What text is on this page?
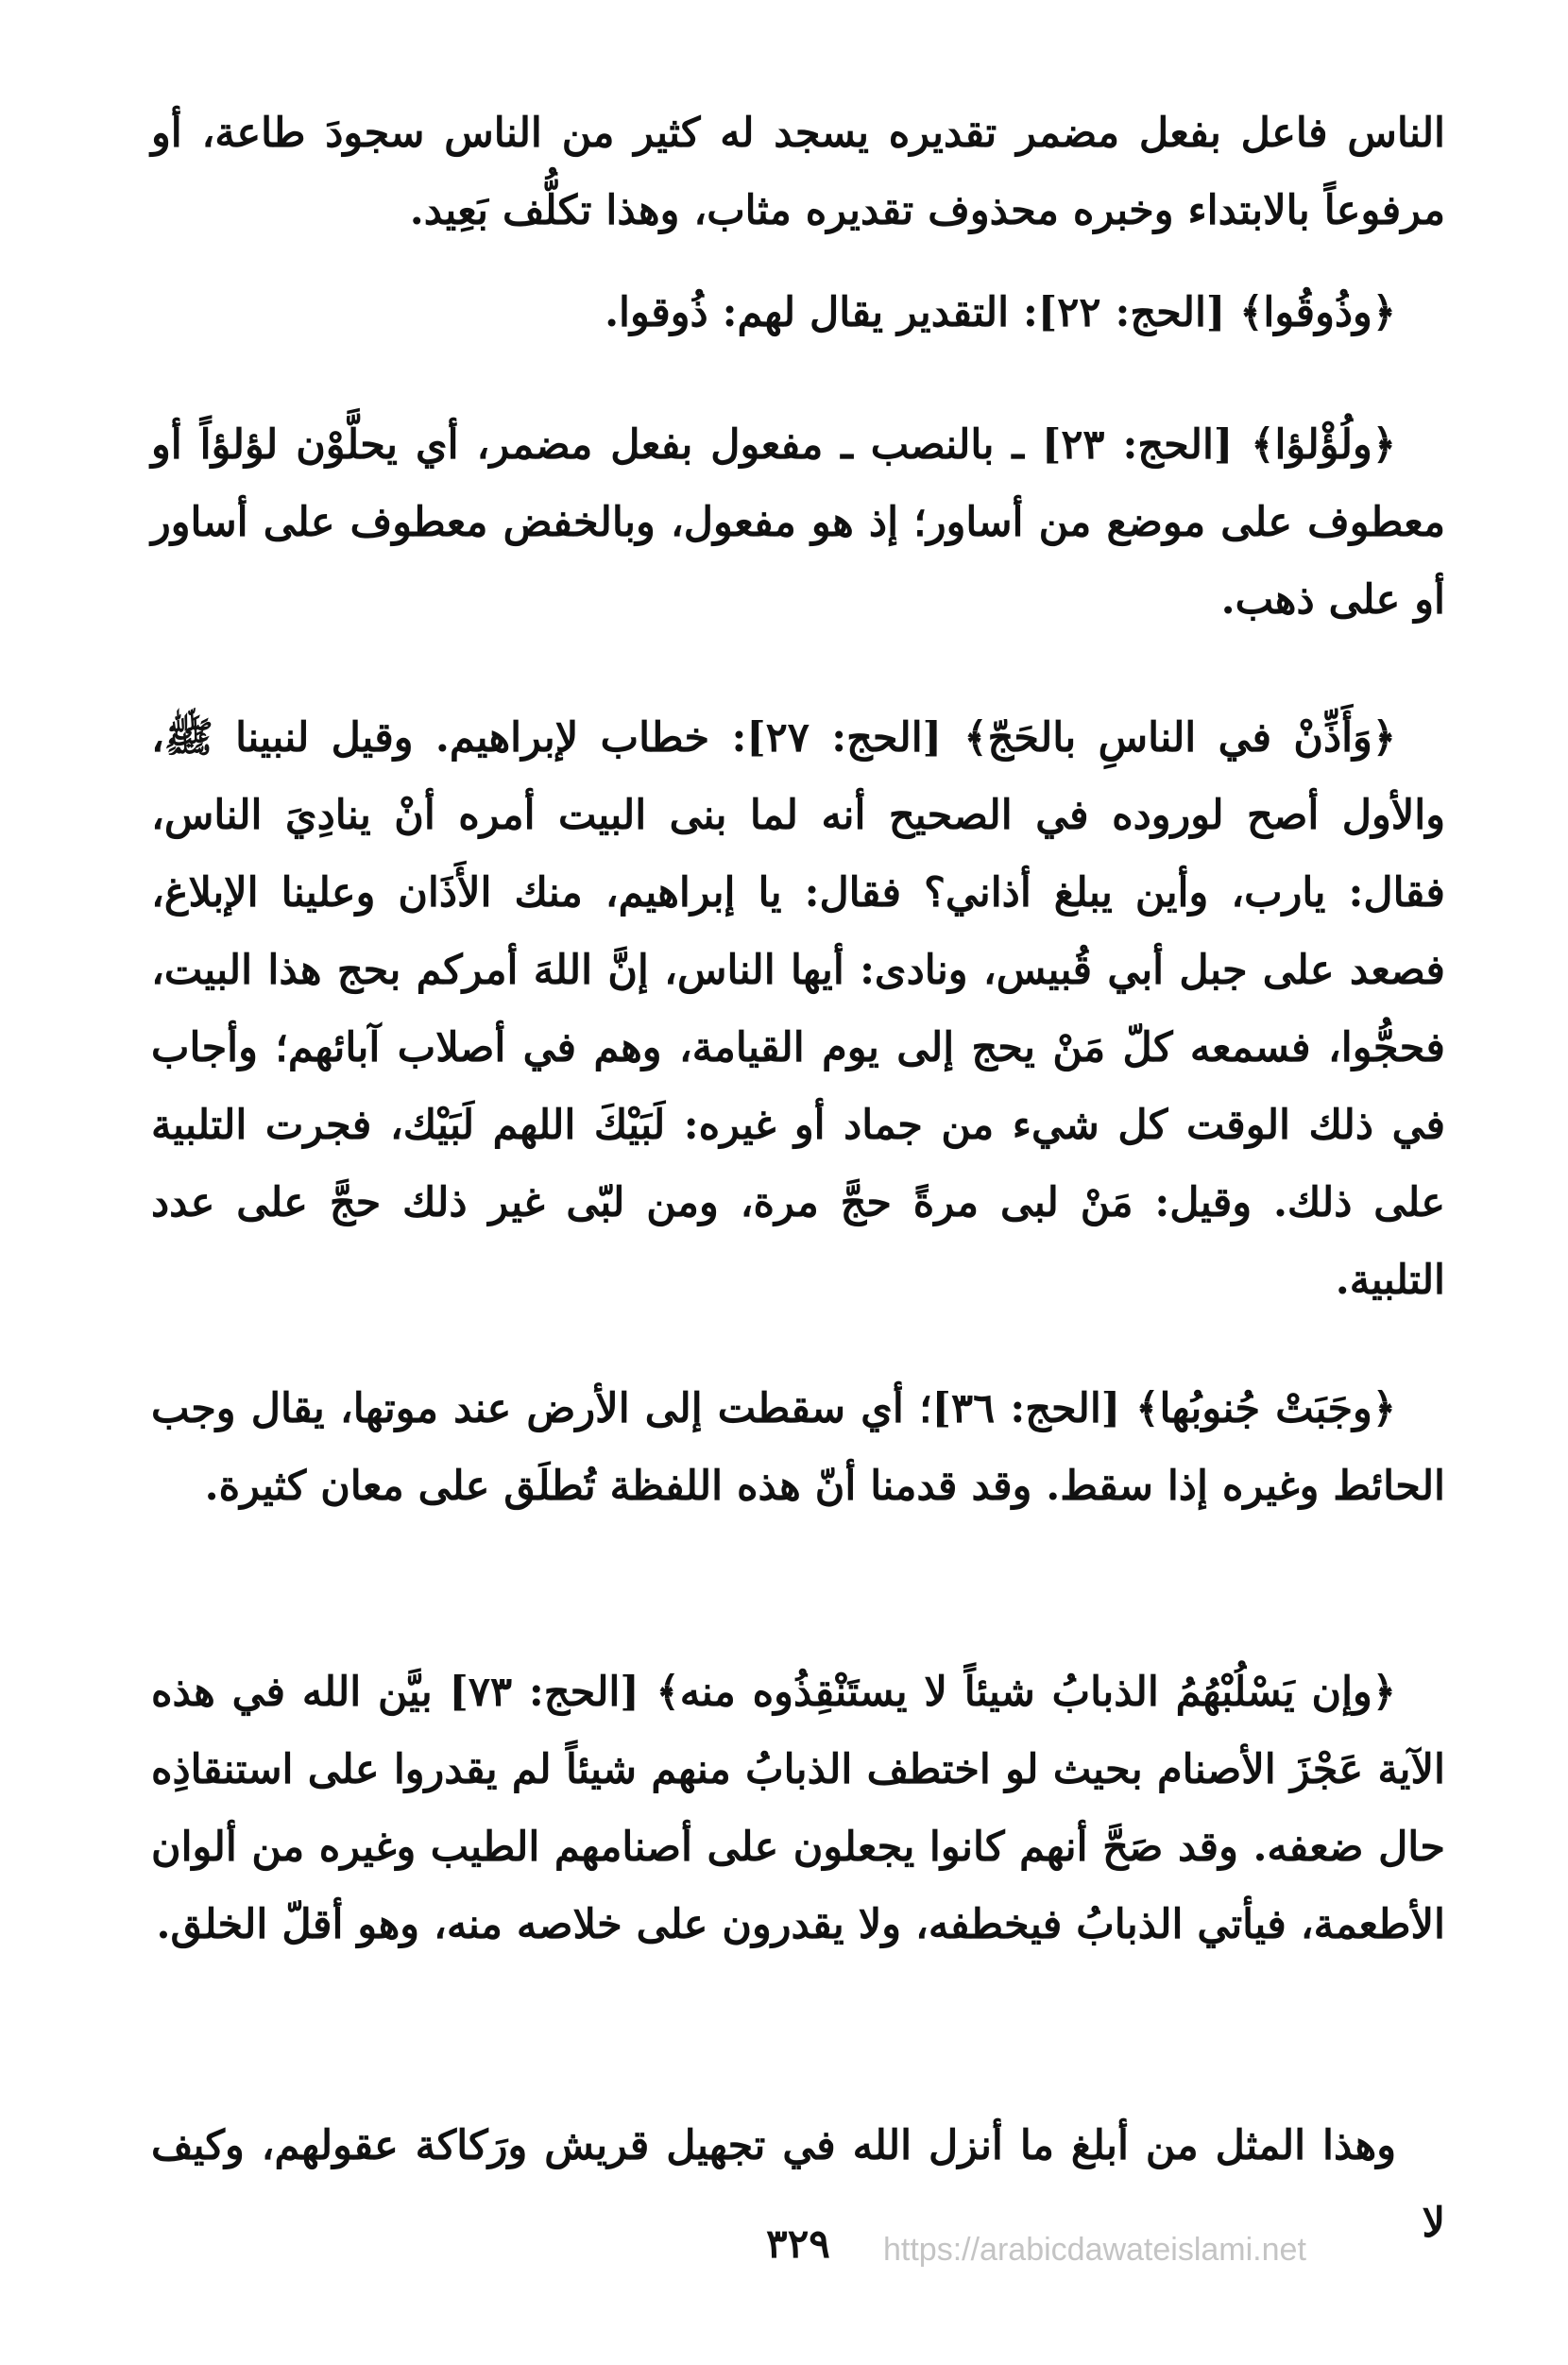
الناس فاعل بفعل مضمر تقديره يسجد له كثير من الناس سجودَ طاعة، أو مرفوعاً بالابتداء وخبره محذوف تقديره مثاب، وهذا تكلُّف بَعِيد.

﴿وذُوقُوا﴾ [الحج: ٢٢]: التقدير يقال لهم: ذُوقوا.

﴿ولُؤْلؤا﴾ [الحج: ٢٣] ـ بالنصب ـ مفعول بفعل مضمر، أي يحلَّوْن لؤلؤاً أو معطوف على موضع من أساور؛ إذ هو مفعول، وبالخفض معطوف على أساور أو على ذهب.

﴿وَأَذِّنْ في الناسِ بالحَجّ﴾ [الحج: ٢٧]: خطاب لإبراهيم. وقيل لنبينا ﷺ، والأول أصح لوروده في الصحيح أنه لما بنى البيت أمره أنْ ينادِيَ الناس، فقال: يارب، وأين يبلغ أذاني؟ فقال: يا إبراهيم، منك الأَذَان وعلينا الإبلاغ، فصعد على جبل أبي قُبيس، ونادى: أيها الناس، إنَّ اللهَ أمركم بحج هذا البيت، فحجُّوا، فسمعه كلّ مَنْ يحج إلى يوم القيامة، وهم في أصلاب آبائهم؛ وأجاب في ذلك الوقت كل شيء من جماد أو غيره: لَبَيْكَ اللهم لَبَيْك، فجرت التلبية على ذلك. وقيل: مَنْ لبى مرةً حجَّ مرة، ومن لبّى غير ذلك حجَّ على عدد التلبية.

﴿وجَبَتْ جُنوبُها﴾ [الحج: ٣٦]؛ أي سقطت إلى الأرض عند موتها، يقال وجب الحائط وغيره إذا سقط. وقد قدمنا أنّ هذه اللفظة تُطلَق على معان كثيرة.

﴿وإن يَسْلُبْهُمُ الذبابُ شيئاً لا يستَنْقِذُوه منه﴾ [الحج: ٧٣] بيَّن الله في هذه الآية عَجْزَ الأصنام بحيث لو اختطف الذبابُ منهم شيئاً لم يقدروا على استنقاذِه حال ضعفه. وقد صَحَّ أنهم كانوا يجعلون على أصنامهم الطيب وغيره من ألوان الأطعمة، فيأتي الذبابُ فيخطفه، ولا يقدرون على خلاصه منه، وهو أقلّ الخلق.

وهذا المثل من أبلغ ما أنزل الله في تجهيل قريش ورَكاكة عقولهم، وكيف لا

٣٢٩	https://arabicdawateislami.net
